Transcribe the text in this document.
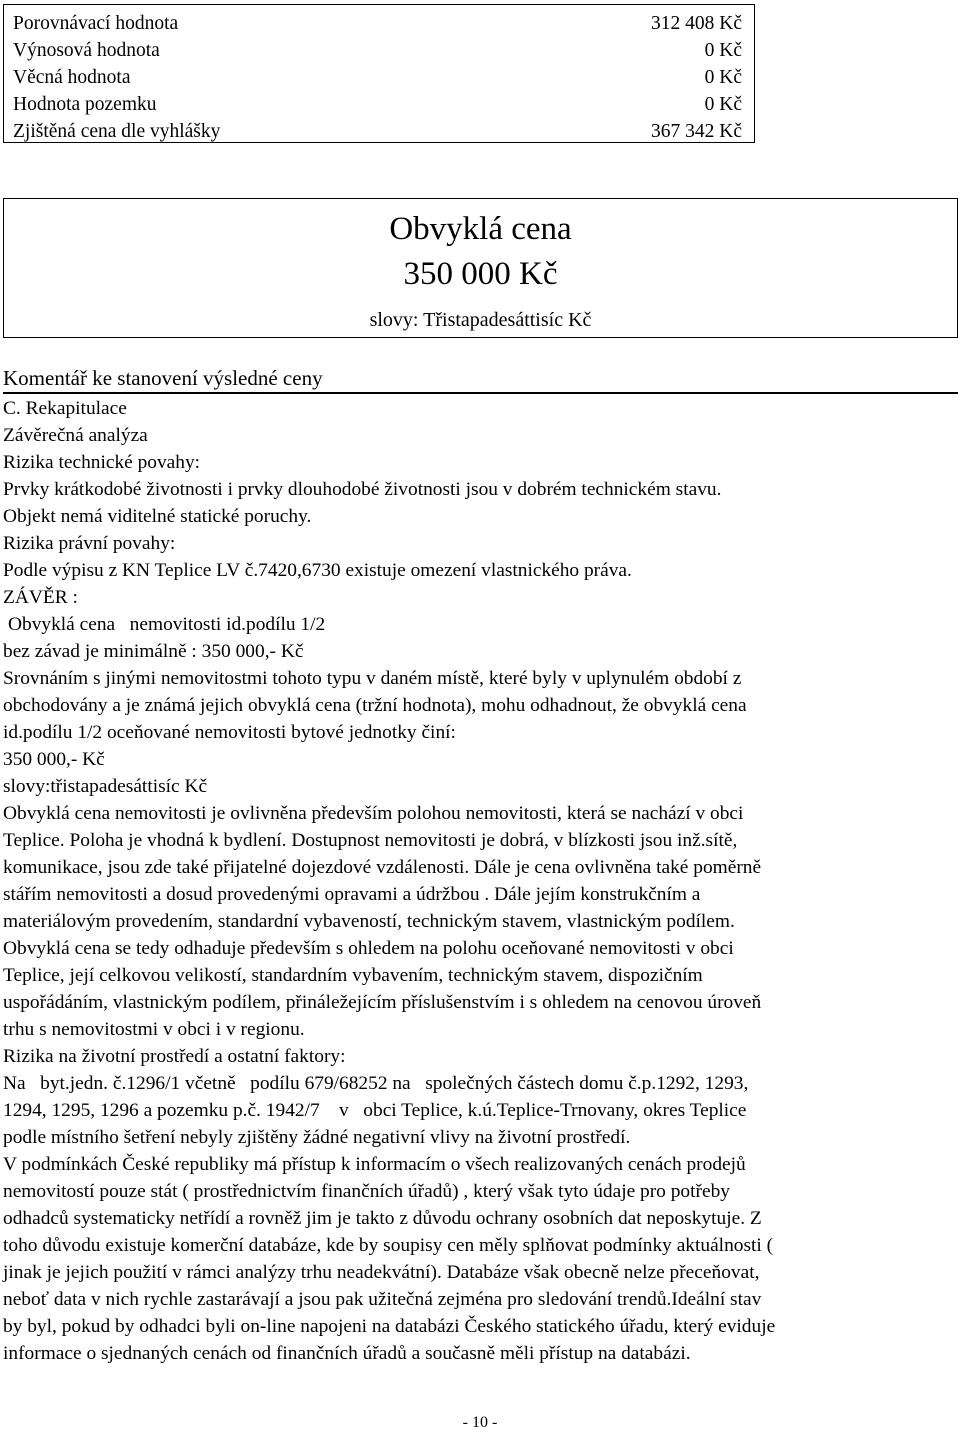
Porovnávací hodnota	312 408 Kč
Výnosová hodnota	0 Kč
Věcná hodnota	0 Kč
Hodnota pozemku	0 Kč
Zjištěná cena dle vyhlášky	367 342 Kč
Obvyklá cena
350 000 Kč
slovy: Třistapadesáttisíc Kč
Komentář ke stanovení výsledné ceny
C. Rekapitulace
Závěrečná analýza
Rizika technické povahy:
Prvky krátkodobé životnosti i prvky dlouhodobé životnosti jsou v dobrém technickém stavu.
Objekt nemá viditelné statické poruchy.
Rizika právní povahy:
Podle výpisu z KN Teplice LV č.7420,6730 existuje omezení vlastnického práva.
ZÁVĚR :
Obvyklá cena   nemovitosti id.podílu 1/2
bez závad je minimálně : 350 000,- Kč
Srovnáním s jinými nemovitostmi tohoto typu v daném místě, které byly v uplynulém období z
obchodovány a je známá jejich obvyklá cena (tržní hodnota), mohu odhadnout, že obvyklá cena
id.podílu 1/2 oceňované nemovitosti bytové jednotky činí:
350 000,- Kč
slovy:třistapadesáttisíc Kč
Obvyklá cena nemovitosti je ovlivněna především polohou nemovitosti, která se nachází v obci
Teplice. Poloha je vhodná k bydlení. Dostupnost nemovitosti je dobrá, v blízkosti jsou inž.sítě,
komunikace, jsou zde také přijatelné dojezdové vzdálenosti. Dále je cena ovlivněna také poměrně
stářím nemovitosti a dosud provedenými opravami a údržbou . Dále jejím konstrukčním a
materiálovým provedením, standardní vybaveností, technickým stavem, vlastnickým podílem.
Obvyklá cena se tedy odhaduje především s ohledem na polohu oceňované nemovitosti v obci
Teplice, její celkovou velikostí, standardním vybavením, technickým stavem, dispozičním
uspořádáním, vlastnickým podílem, přináležejícím příslušenstvím i s ohledem na cenovou úroveň
trhu s nemovitostmi v obci i v regionu.
Rizika na životní prostředí a ostatní faktory:
Na   byt.jedn. č.1296/1 včetně   podílu 679/68252 na   společných částech domu č.p.1292, 1293,
1294, 1295, 1296 a pozemku p.č. 1942/7    v   obci Teplice, k.ú.Teplice-Trnovany, okres Teplice
podle místního šetření nebyly zjištěny žádné negativní vlivy na životní prostředí.
V podmínkách České republiky má přístup k informacím o všech realizovaných cenách prodejů
nemovitostí pouze stát ( prostřednictvím finančních úřadů) , který však tyto údaje pro potřeby
odhadců systematicky netřídí a rovněž jim je takto z důvodu ochrany osobních dat neposkytuje. Z
toho důvodu existuje komerční databáze, kde by soupisy cen měly splňovat podmínky aktuálnosti (
jinak je jejich použití v rámci analýzy trhu neadekvátní). Databáze však obecně nelze přeceňovat,
neboť data v nich rychle zastarávají a jsou pak užitečná zejména pro sledování trendů.Ideální stav
by byl, pokud by odhadci byli on-line napojeni na databázi Českého statického úřadu, který eviduje
informace o sjednaných cenách od finančních úřadů a současně měli přístup na databázi.
- 10 -
